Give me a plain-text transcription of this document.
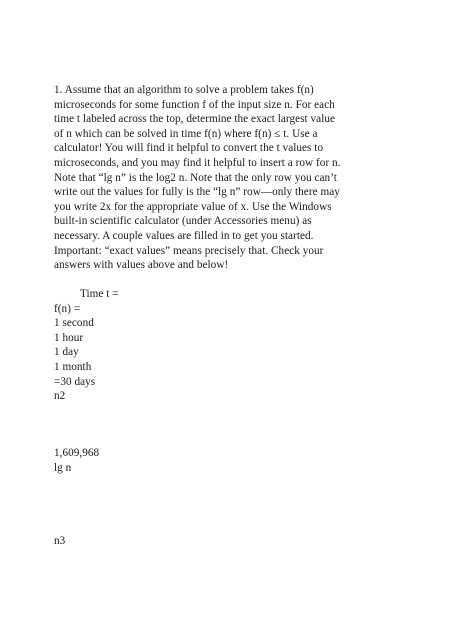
1. Assume that an algorithm to solve a problem takes f(n)
microseconds for some function f of the input size n. For each
time t labeled across the top, determine the exact largest value
of n which can be solved in time f(n) where f(n) ≤ t. Use a
calculator! You will find it helpful to convert the t values to
microseconds, and you may find it helpful to insert a row for n.
Note that “lg n” is the log2 n. Note that the only row you can’t
write out the values for fully is the “lg n” row—only there may
you write 2x for the appropriate value of x. Use the Windows
built-in scientific calculator (under Accessories menu) as
necessary. A couple values are filled in to get you started.
Important: “exact values” means precisely that. Check your
answers with values above and below!
Time t =
f(n) =
1 second
1 hour
1 day
1 month
=30 days
n2
1,609,968
lg n
n3
